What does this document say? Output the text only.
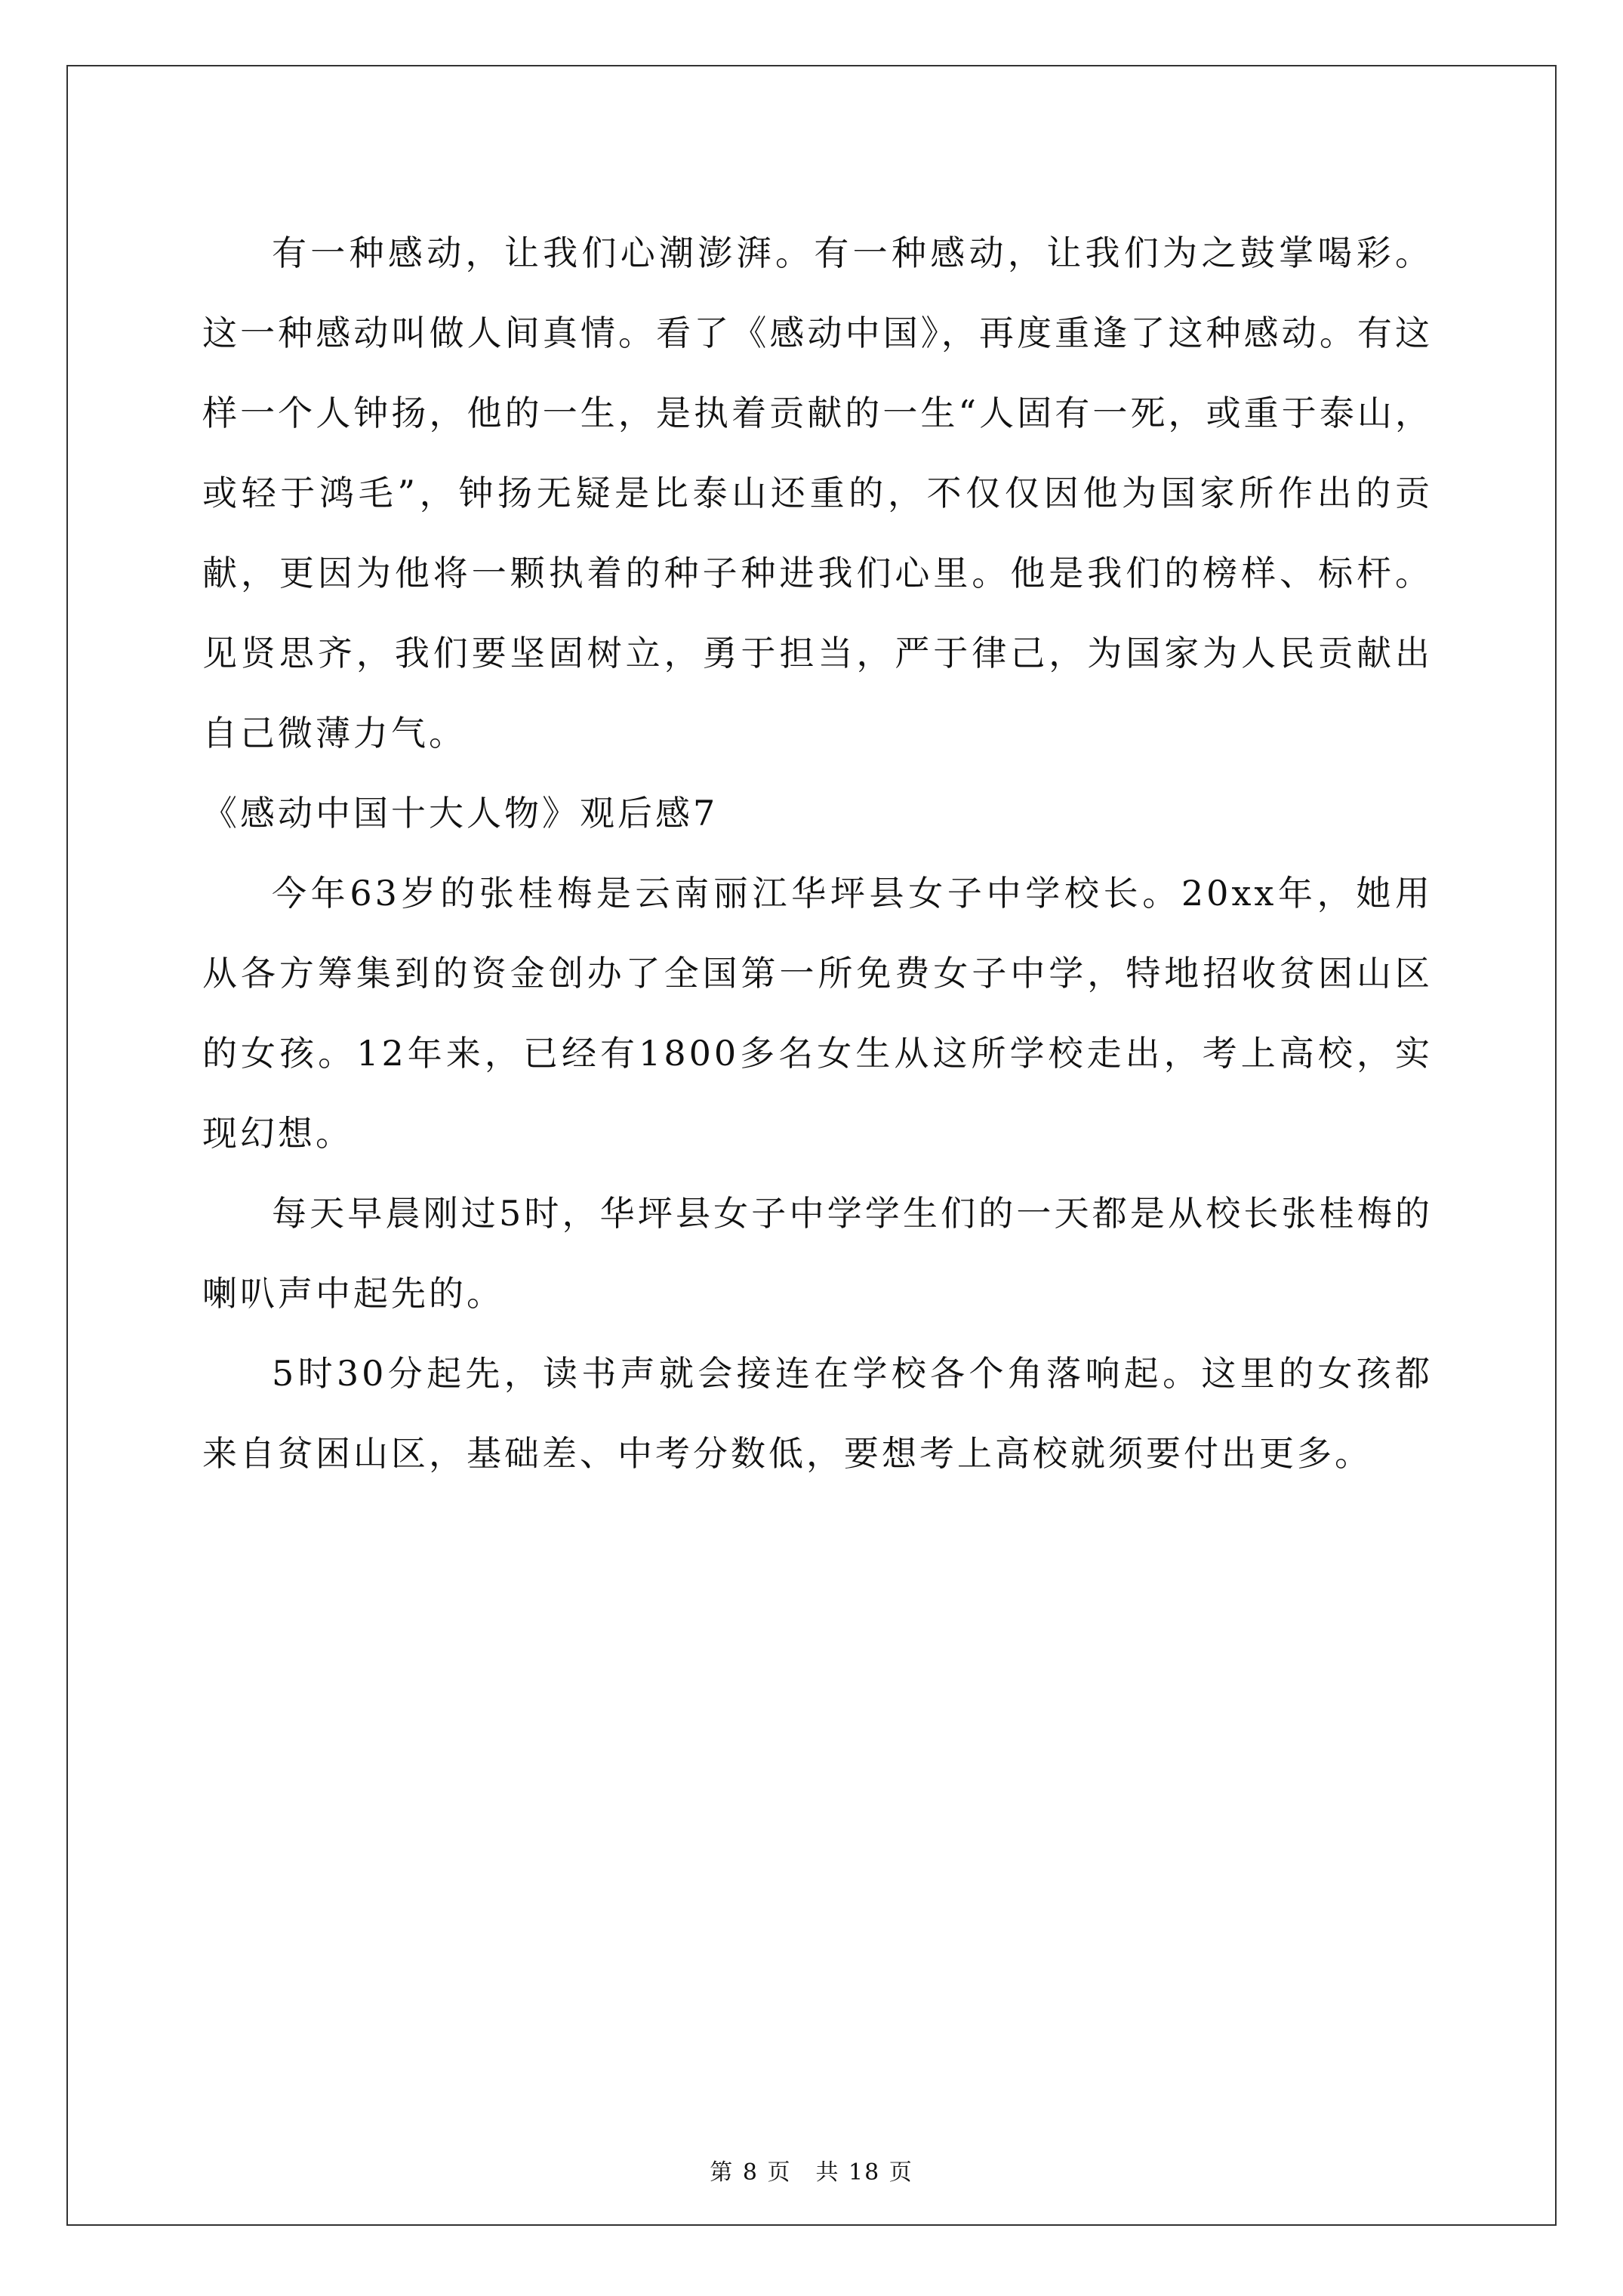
有一种感动，让我们心潮澎湃。有一种感动，让我们为之鼓掌喝彩。这一种感动叫做人间真情。看了《感动中国》，再度重逢了这种感动。有这样一个人钟扬，他的一生，是执着贡献的一生“人固有一死，或重于泰山，或轻于鸿毛”，钟扬无疑是比泰山还重的，不仅仅因他为国家所作出的贡献，更因为他将一颗执着的种子种进我们心里。他是我们的榜样、标杆。见贤思齐，我们要坚固树立，勇于担当，严于律己，为国家为人民贡献出自己微薄力气。

《感动中国十大人物》观后感7

今年63岁的张桂梅是云南丽江华坪县女子中学校长。20xx年，她用从各方筹集到的资金创办了全国第一所免费女子中学，特地招收贫困山区的女孩。12年来，已经有1800多名女生从这所学校走出，考上高校，实现幻想。

每天早晨刚过5时，华坪县女子中学学生们的一天都是从校长张桂梅的喇叭声中起先的。

5时30分起先，读书声就会接连在学校各个角落响起。这里的女孩都来自贫困山区，基础差、中考分数低，要想考上高校就须要付出更多。

第 8 页　共 18 页
